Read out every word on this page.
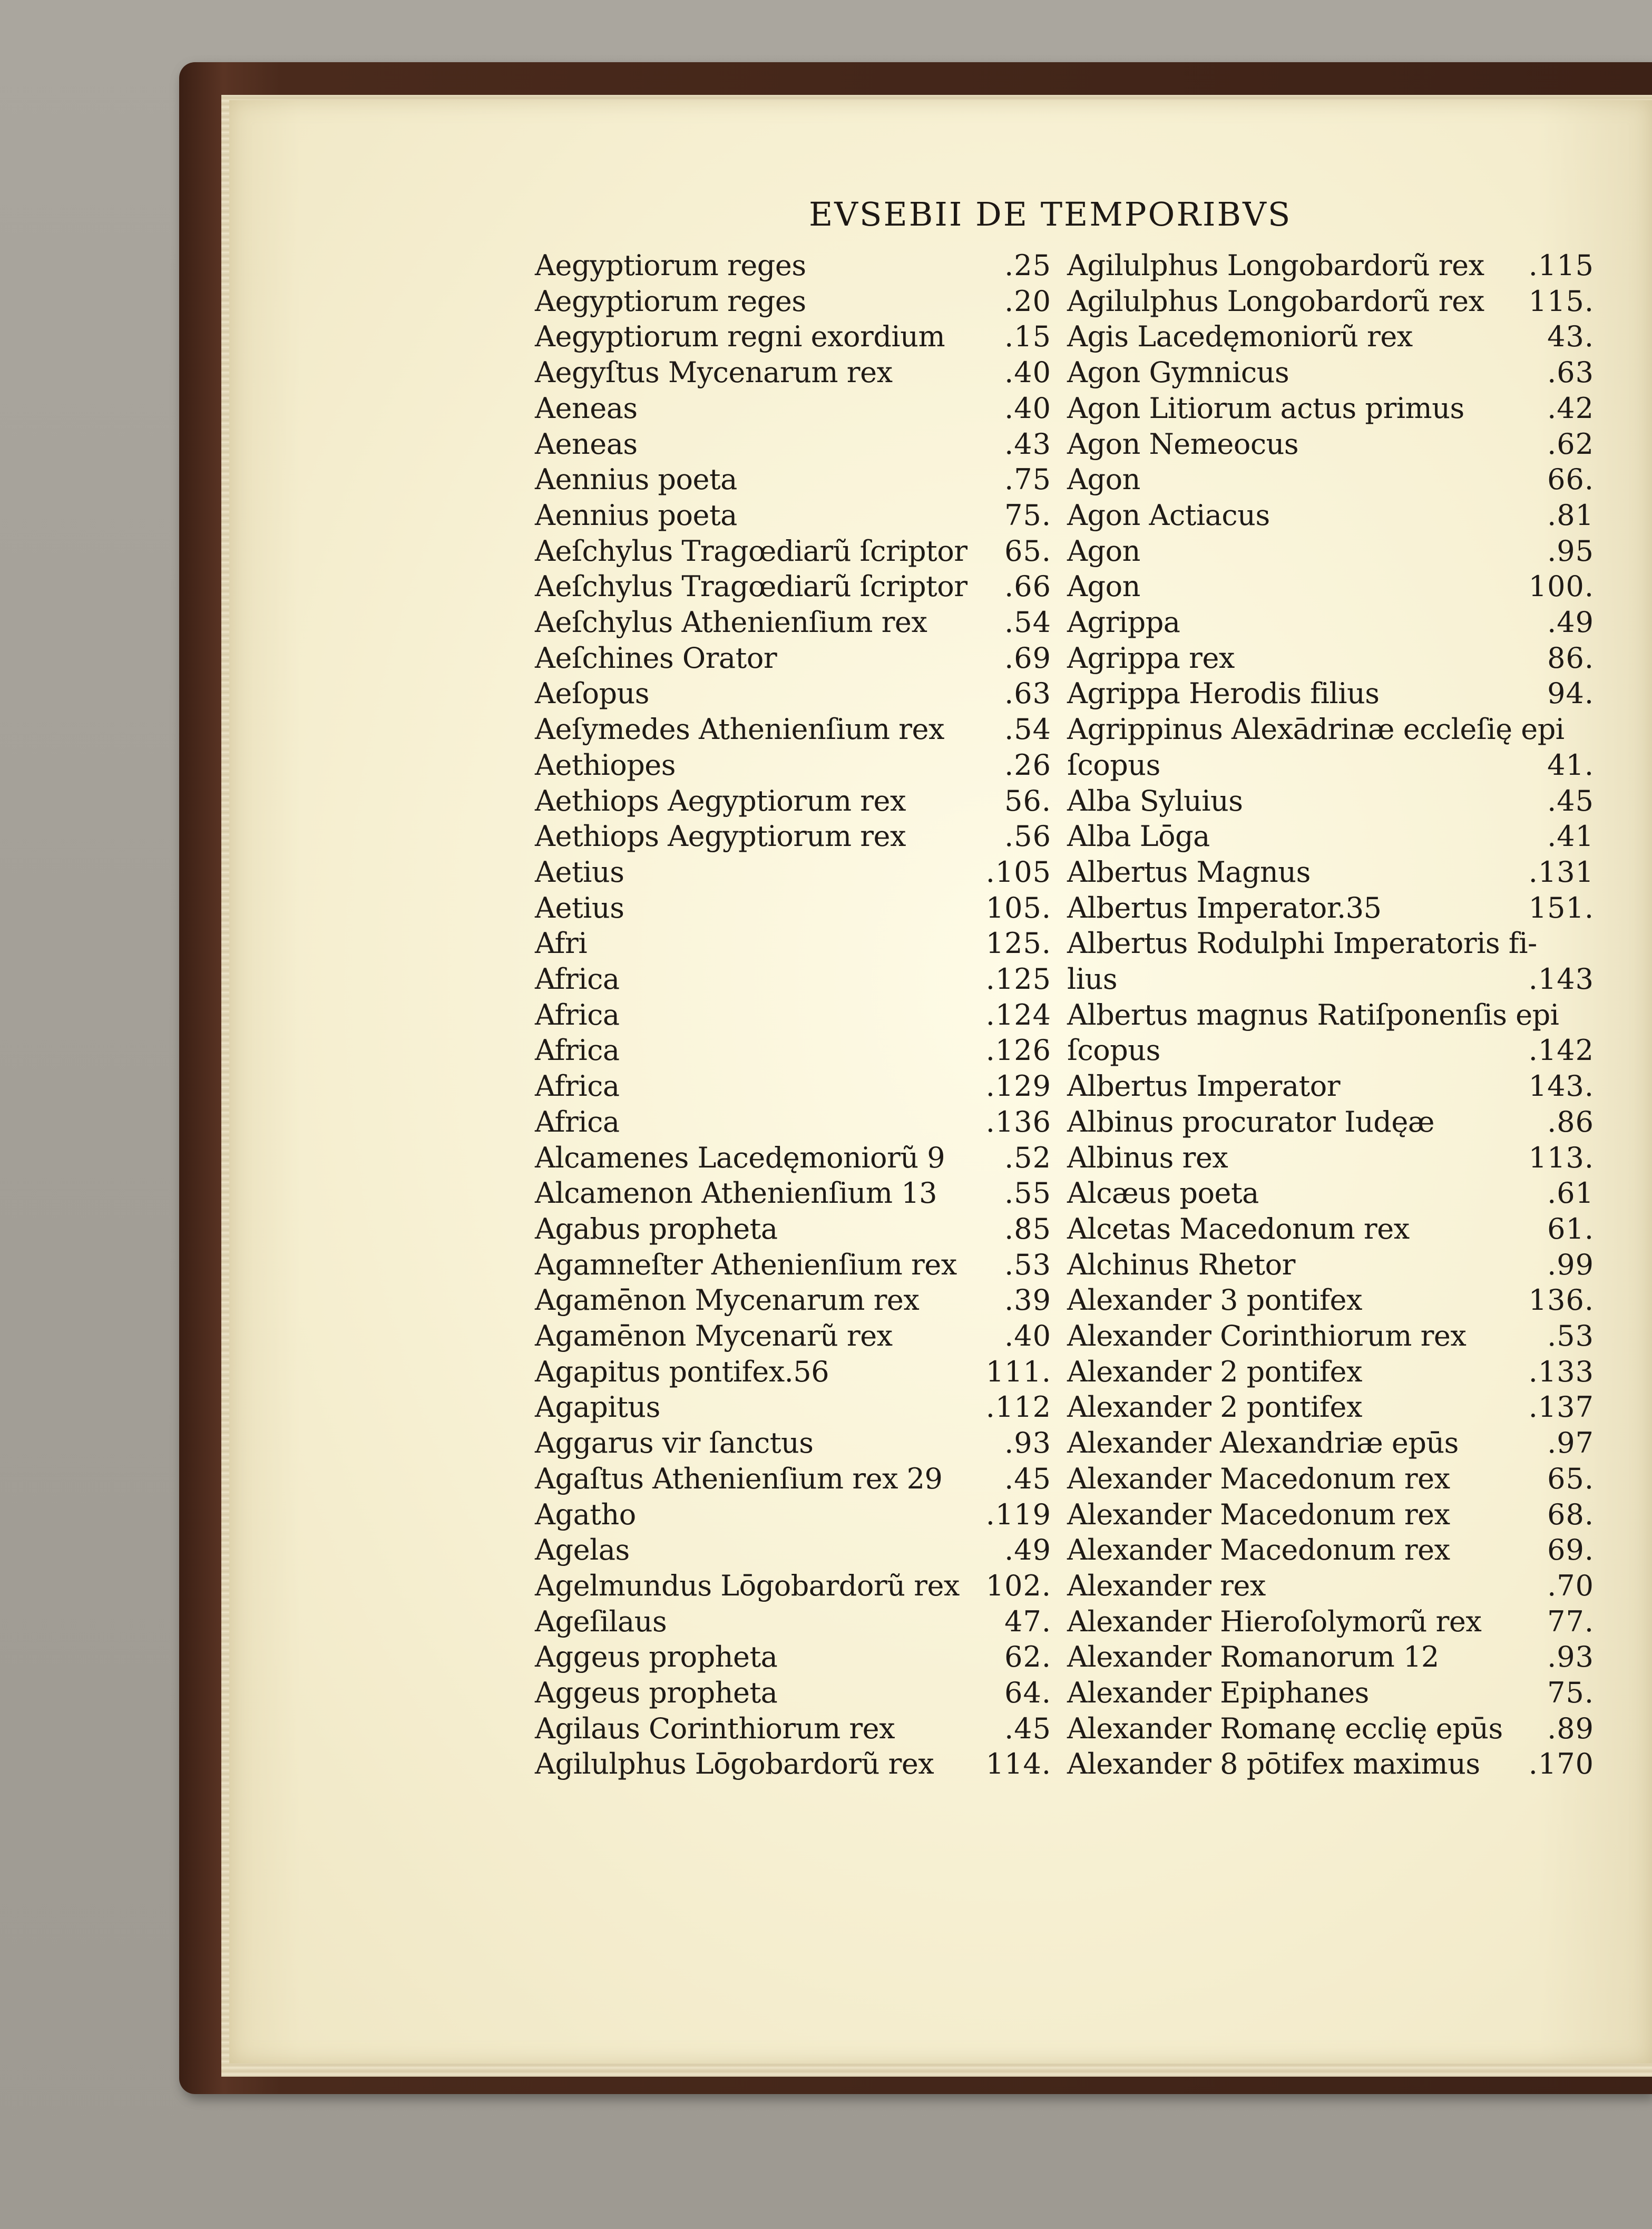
EVSEBII DE TEMPORIBVS
Aegyptiorum reges	.25
Aegyptiorum reges	.20
Aegyptiorum regni exordium .15
Aegyſtus Mycenarum rex	.40
Aeneas	.40
Aeneas	.43
Aennius poeta	.75
Aennius poeta	75.
Aeſchylus Tragœdiarũ ſcriptor 65.
Aeſchylus Tragœdiarũ ſcriptor .66
Aeſchylus Athenienſium rex	.54
Aeſchines Orator	.69
Aeſopus	.63
Aeſymedes Athenienſium rex .54
Aethiopes	.26
Aethiops Aegyptiorum rex	56.
Aethiops Aegyptiorum rex	.56
Aetius	.105
Aetius	105.
Afri	125.
Africa	.125
Africa	.124
Africa	.126
Africa	.129
Africa	.136
Alcamenes Lacedęmoniorũ 9 .52
Alcamenon Athenienſium 13 .55
Agabus propheta	.85
Agamneſter Athenienſium rex .53
Agamēnon Mycenarum rex	.39
Agamēnon Mycenarũ rex	.40
Agapitus pontifex.56	111.
Agapitus	.112
Aggarus vir ſanctus	.93
Agaſtus Athenienſium rex 29 .45
Agatho	.119
Agelas	.49
Agelmundus Lōgobardorũ rex 102.
Ageſilaus	47.
Aggeus propheta	62.
Aggeus propheta	64.
Agilaus Corinthiorum rex	.45
Agilulphus Lōgobardorũ rex 114.
Agilulphus Longobardorũ rex .115
Agilulphus Longobardorũ rex 115.
Agis Lacedęmoniorũ rex	43.
Agon Gymnicus	.63
Agon Litiorum actus primus	.42
Agon Nemeocus	.62
Agon	66.
Agon Actiacus	.81
Agon	.95
Agon	100.
Agrippa	.49
Agrippa rex	86.
Agrippa Herodis filius	94.
Agrippinus Alexādrinæ eccleſię epi
ſcopus	41.
Alba Syluius	.45
Alba Lōga	.41
Albertus Magnus	.131
Albertus Imperator.35	151.
Albertus Rodulphi Imperatoris fi-
lius	.143
Albertus magnus Ratiſponenſis epi
ſcopus	.142
Albertus Imperator	143.
Albinus procurator Iudęæ	.86
Albinus rex	113.
Alcæus poeta	.61
Alcetas Macedonum rex	61.
Alchinus Rhetor	.99
Alexander 3 pontifex	136.
Alexander Corinthiorum rex	.53
Alexander 2 pontifex	.133
Alexander 2 pontifex	.137
Alexander Alexandriæ epūs	.97
Alexander Macedonum rex	65.
Alexander Macedonum rex	68.
Alexander Macedonum rex	69.
Alexander rex	.70
Alexander Hieroſolymorũ rex 77.
Alexander Romanorum 12	.93
Alexander Epiphanes	75.
Alexander Romanę ecclię epūs .89
Alexander 8 pōtifex maximus .170
